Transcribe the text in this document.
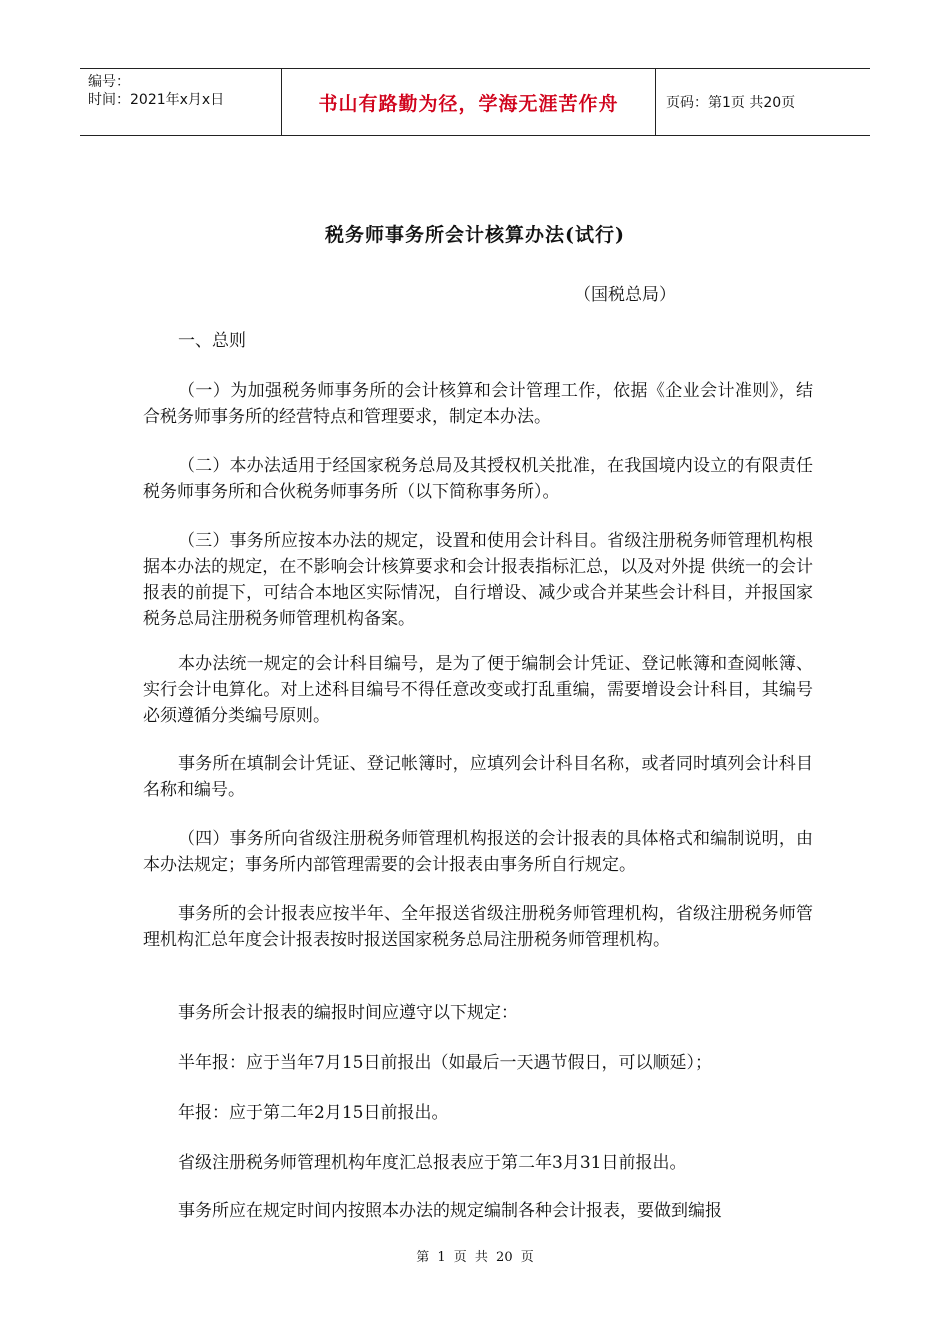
编号：
时间：2021年x月x日	书山有路勤为径，学海无涯苦作舟	页码：第1页 共20页
税务师事务所会计核算办法(试行)
（国税总局）

一、总则

（一）为加强税务师事务所的会计核算和会计管理工作，依据《企业会计准则》，结合税务师事务所的经营特点和管理要求，制定本办法。

（二）本办法适用于经国家税务总局及其授权机关批准，在我国境内设立的有限责任税务师事务所和合伙税务师事务所（以下简称事务所）。

（三）事务所应按本办法的规定，设置和使用会计科目。省级注册税务师管理机构根据本办法的规定，在不影响会计核算要求和会计报表指标汇总，以及对外提 供统一的会计报表的前提下，可结合本地区实际情况，自行增设、减少或合并某些会计科目，并报国家税务总局注册税务师管理机构备案。

本办法统一规定的会计科目编号，是为了便于编制会计凭证、登记帐簿和查阅帐簿、实行会计电算化。对上述科目编号不得任意改变或打乱重编，需要增设会计科目，其编号必须遵循分类编号原则。

事务所在填制会计凭证、登记帐簿时，应填列会计科目名称，或者同时填列会计科目名称和编号。

（四）事务所向省级注册税务师管理机构报送的会计报表的具体格式和编制说明，由本办法规定；事务所内部管理需要的会计报表由事务所自行规定。

事务所的会计报表应按半年、全年报送省级注册税务师管理机构，省级注册税务师管理机构汇总年度会计报表按时报送国家税务总局注册税务师管理机构。

事务所会计报表的编报时间应遵守以下规定：

半年报：应于当年7月15日前报出（如最后一天遇节假日，可以顺延）；

年报：应于第二年2月15日前报出。

省级注册税务师管理机构年度汇总报表应于第二年3月31日前报出。

事务所应在规定时间内按照本办法的规定编制各种会计报表，要做到编报

第 1 页 共 20 页
